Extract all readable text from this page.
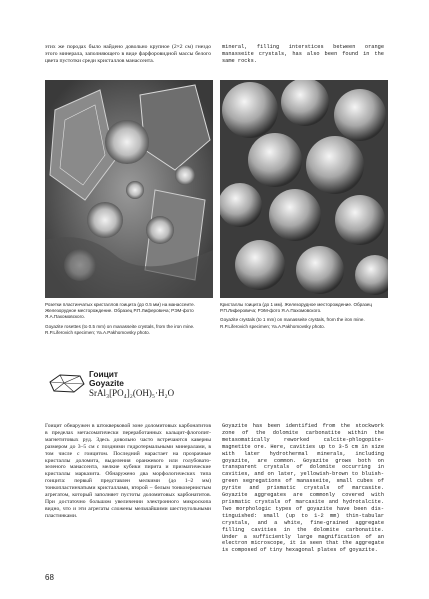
этих же породах было найдено довольно крупное (2×2 см) гнездо этого минерала, заполняющего в виде фарфоровидной массы белого цвета пустотки среди кристаллов манассеита.
mineral, filling interstices between orange manasseite crystals, has also been found in the same rocks.
Розетки пластинчатых кристаллов гоицита (до 0.5 мм) на манассеите. Железорудное месторождение. Образец Р.П.Лиферовича; РЭМ-фото Я.А.Пахомовского.
Goyazite rosettes (to 0.5 mm) on manasseite crystals, from the iron mine. R.P.Liferovich specimen; Ya.A.Pakhomovsky photo.
Кристаллы гоицита (до 1 мм). Железорудное месторождение. Образец Р.П.Лиферовича; РЭМ-фото Я.А.Пахомовского.
Goyazite crystals (to 1 mm) on manasseite crystals, from the iron mine. R.P.Liferovich specimen; Ya.A.Pakhomovsky photo.
Гоицит
Goyazite
SrAl₃[PO₄]₂(OH)₅·H₂O
Гоицит обнаружен в штокверковой зоне доломитовых карбонатитов в пределах метасоматически переработанных кальцит-флогопит-магнетитовых руд. Здесь довольно часто встречаются каверны размером до 3–5 см с поздними гидротермальными минералами, в том числе с гоицитом. Последний нарастает на прозрачные кристаллы доломита, выделения оранжевого или голубовато-зеленого манассеита, мелкие кубики пирита и призматические кристаллы марказита. Обнаружено два морфологических типа гоицита: первый представлен мелкими (до 1–2 мм) тонкопластинчатыми кристаллами, второй – белым тонкозернистым агрегатом, который заполняет пустоты доломитовых карбонатитов. При достаточно большом увеличении электронного микроскопа видно, что и эти агрегаты сложены мельчайшими шестиугольными пластинками.
Goyazite has been identified from the stockwork zone of the dolomite carbonatite within the metasomatically reworked calcite-phlogopite-magnetite ore. Here, cavities up to 3-5 cm in size with later hydrothermal minerals, including goyazite, are common. Goyazite grows both on transparent crystals of dolomite occurring in cavities, and on later, yellowish-brown to bluish-green segregations of manasseite, small cubes of pyrite and prismatic crystals of marcasite. Goyazite aggregates are commonly covered with prismatic crystals of marcasite and hydrotalcite. Two morphologic types of goyazite have been distinguished: small (up to 1-2 mm) thin-tabular crystals, and a white, fine-grained aggregate filling cavities in the dolomite carbonatite. Under a sufficiently large magnification of an electron microscope, it is seen that the aggregate is composed of tiny hexagonal plates of goyazite.
68
